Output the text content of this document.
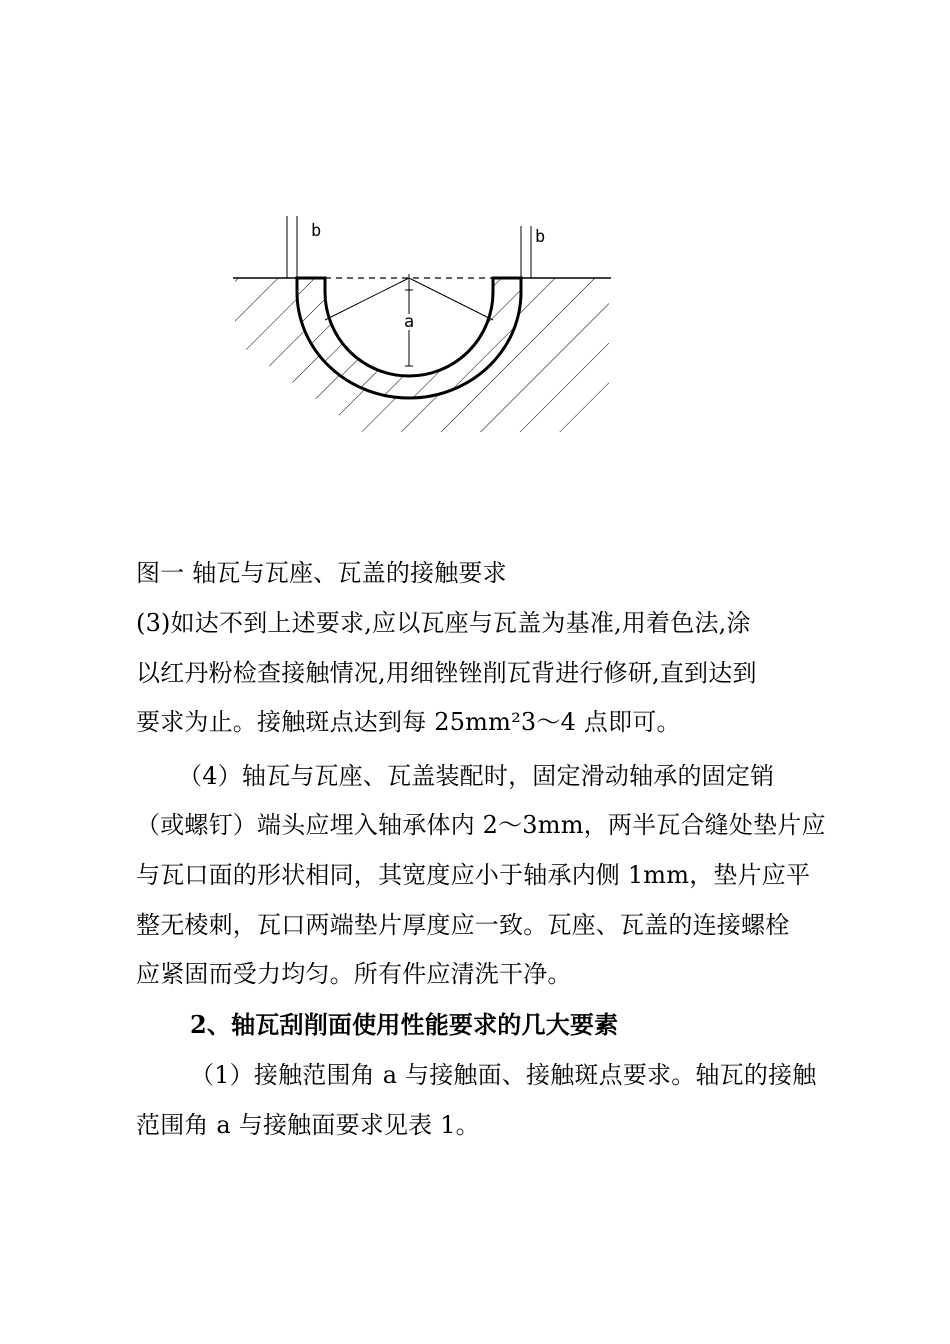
b	b
a
图一 轴瓦与瓦座、瓦盖的接触要求
(3)如达不到上述要求,应以瓦座与瓦盖为基准,用着色法,涂
以红丹粉检查接触情况,用细锉锉削瓦背进行修研,直到达到
要求为止。接触斑点达到每 25mm²3～4 点即可。
（4）轴瓦与瓦座、瓦盖装配时，固定滑动轴承的固定销
（或螺钉）端头应埋入轴承体内 2～3mm，两半瓦合缝处垫片应
与瓦口面的形状相同，其宽度应小于轴承内侧 1mm，垫片应平
整无棱刺，瓦口两端垫片厚度应一致。瓦座、瓦盖的连接螺栓
应紧固而受力均匀。所有件应清洗干净。
2、轴瓦刮削面使用性能要求的几大要素
（1）接触范围角 a 与接触面、接触斑点要求。轴瓦的接触
范围角 a 与接触面要求见表 1。
